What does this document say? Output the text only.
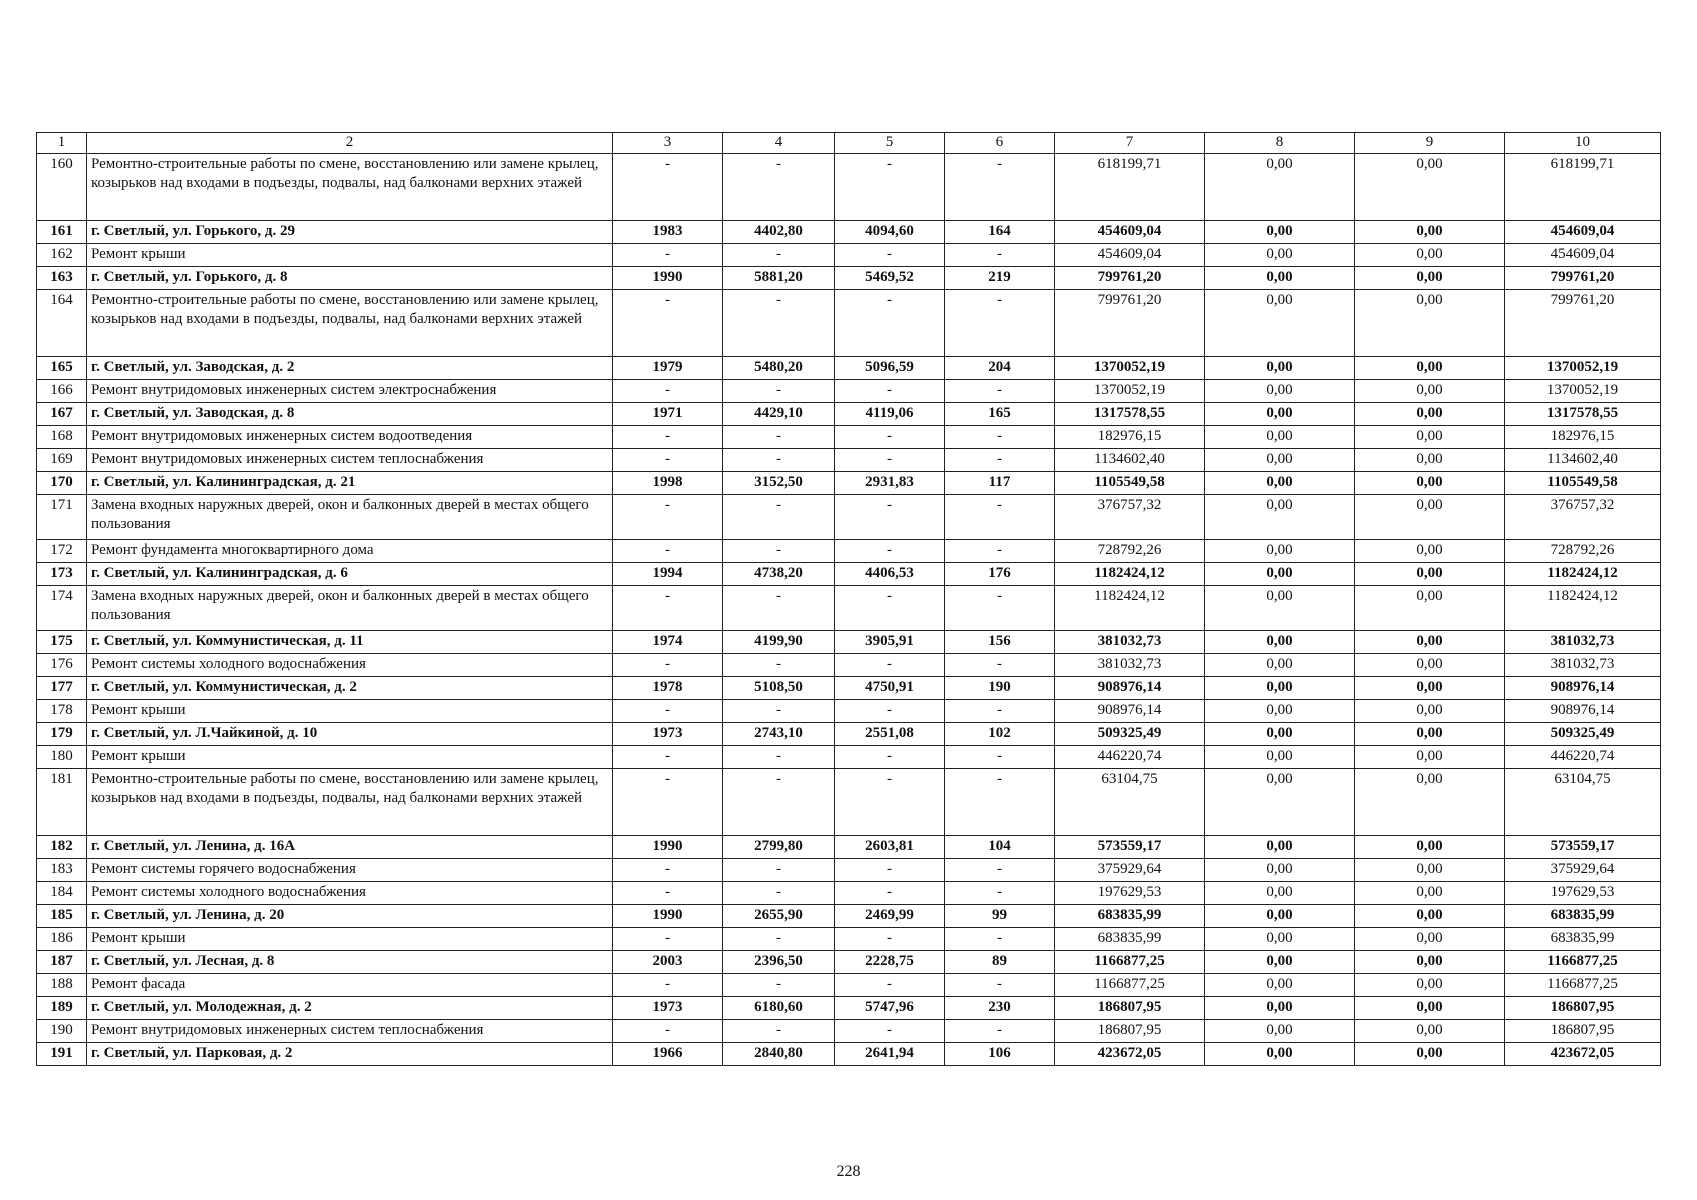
1	2	3	4	5	6	7	8	9	10
160	Ремонтно-строительные работы по смене, восстановлению или замене крылец, козырьков над входами в подъезды, подвалы, над балконами верхних этажей	-	-	-	-	618199,71	0,00	0,00	618199,71
161	г. Светлый, ул. Горького, д. 29	1983	4402,80	4094,60	164	454609,04	0,00	0,00	454609,04
162	Ремонт крыши	-	-	-	-	454609,04	0,00	0,00	454609,04
163	г. Светлый, ул. Горького, д. 8	1990	5881,20	5469,52	219	799761,20	0,00	0,00	799761,20
164	Ремонтно-строительные работы по смене, восстановлению или замене крылец, козырьков над входами в подъезды, подвалы, над балконами верхних этажей	-	-	-	-	799761,20	0,00	0,00	799761,20
165	г. Светлый, ул. Заводская, д. 2	1979	5480,20	5096,59	204	1370052,19	0,00	0,00	1370052,19
166	Ремонт внутридомовых инженерных систем электроснабжения	-	-	-	-	1370052,19	0,00	0,00	1370052,19
167	г. Светлый, ул. Заводская, д. 8	1971	4429,10	4119,06	165	1317578,55	0,00	0,00	1317578,55
168	Ремонт внутридомовых инженерных систем водоотведения	-	-	-	-	182976,15	0,00	0,00	182976,15
169	Ремонт внутридомовых инженерных систем теплоснабжения	-	-	-	-	1134602,40	0,00	0,00	1134602,40
170	г. Светлый, ул. Калининградская, д. 21	1998	3152,50	2931,83	117	1105549,58	0,00	0,00	1105549,58
171	Замена входных наружных дверей, окон и балконных дверей в местах общего пользования	-	-	-	-	376757,32	0,00	0,00	376757,32
172	Ремонт фундамента многоквартирного дома	-	-	-	-	728792,26	0,00	0,00	728792,26
173	г. Светлый, ул. Калининградская, д. 6	1994	4738,20	4406,53	176	1182424,12	0,00	0,00	1182424,12
174	Замена входных наружных дверей, окон и балконных дверей в местах общего пользования	-	-	-	-	1182424,12	0,00	0,00	1182424,12
175	г. Светлый, ул. Коммунистическая, д. 11	1974	4199,90	3905,91	156	381032,73	0,00	0,00	381032,73
176	Ремонт системы холодного водоснабжения	-	-	-	-	381032,73	0,00	0,00	381032,73
177	г. Светлый, ул. Коммунистическая, д. 2	1978	5108,50	4750,91	190	908976,14	0,00	0,00	908976,14
178	Ремонт крыши	-	-	-	-	908976,14	0,00	0,00	908976,14
179	г. Светлый, ул. Л.Чайкиной, д. 10	1973	2743,10	2551,08	102	509325,49	0,00	0,00	509325,49
180	Ремонт крыши	-	-	-	-	446220,74	0,00	0,00	446220,74
181	Ремонтно-строительные работы по смене, восстановлению или замене крылец, козырьков над входами в подъезды, подвалы, над балконами верхних этажей	-	-	-	-	63104,75	0,00	0,00	63104,75
182	г. Светлый, ул. Ленина, д. 16А	1990	2799,80	2603,81	104	573559,17	0,00	0,00	573559,17
183	Ремонт системы горячего водоснабжения	-	-	-	-	375929,64	0,00	0,00	375929,64
184	Ремонт системы холодного водоснабжения	-	-	-	-	197629,53	0,00	0,00	197629,53
185	г. Светлый, ул. Ленина, д. 20	1990	2655,90	2469,99	99	683835,99	0,00	0,00	683835,99
186	Ремонт крыши	-	-	-	-	683835,99	0,00	0,00	683835,99
187	г. Светлый, ул. Лесная, д. 8	2003	2396,50	2228,75	89	1166877,25	0,00	0,00	1166877,25
188	Ремонт фасада	-	-	-	-	1166877,25	0,00	0,00	1166877,25
189	г. Светлый, ул. Молодежная, д. 2	1973	6180,60	5747,96	230	186807,95	0,00	0,00	186807,95
190	Ремонт внутридомовых инженерных систем теплоснабжения	-	-	-	-	186807,95	0,00	0,00	186807,95
191	г. Светлый, ул. Парковая, д. 2	1966	2840,80	2641,94	106	423672,05	0,00	0,00	423672,05
228
